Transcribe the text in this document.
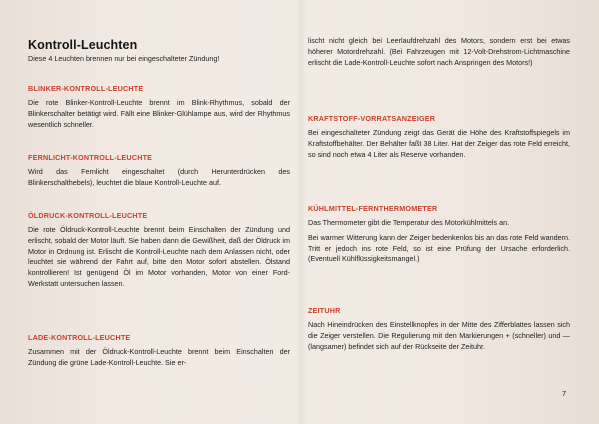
Kontroll-Leuchten

Diese 4 Leuchten brennen nur bei eingeschalteter Zündung!

BLINKER-KONTROLL-LEUCHTE

Die rote Blinker-Kontroll-Leuchte brennt im Blink-Rhythmus, sobald der Blinkerschalter betätigt wird. Fällt eine Blinker-Glühlampe aus, wird der Rhythmus wesentlich schneller.

FERNLICHT-KONTROLL-LEUCHTE

Wird das Fernlicht eingeschaltet (durch Herunterdrücken des Blinkerschalthebels), leuchtet die blaue Kontroll-Leuchte auf.

ÖLDRUCK-KONTROLL-LEUCHTE

Die rote Öldruck-Kontroll-Leuchte brennt beim Einschalten der Zündung und erlischt, sobald der Motor läuft. Sie haben dann die Gewißheit, daß der Öldruck im Motor in Ordnung ist. Erlischt die Kontroll-Leuchte nach dem Anlassen nicht, oder leuchtet sie während der Fahrt auf, bitte den Motor sofort abstellen. Ölstand kontrollieren! Ist genügend Öl im Motor vorhanden, Motor von einer Ford-Werkstatt untersuchen lassen.

LADE-KONTROLL-LEUCHTE

Zusammen mit der Öldruck-Kontroll-Leuchte brennt beim Einschalten der Zündung die grüne Lade-Kontroll-Leuchte. Sie er-

lischt nicht gleich bei Leerlaufdrehzahl des Motors, sondern erst bei etwas höherer Motordrehzahl. (Bei Fahrzeugen mit 12-Volt-Drehstrom-Lichtmaschine erlischt die Lade-Kontroll-Leuchte sofort nach Anspringen des Motors!)

KRAFTSTOFF-VORRATSANZEIGER

Bei eingeschalteter Zündung zeigt das Gerät die Höhe des Kraftstoffspiegels im Kraftstoffbehälter. Der Behälter faßt 38 Liter. Hat der Zeiger das rote Feld erreicht, so sind noch etwa 4 Liter als Reserve vorhanden.

KÜHLMITTEL-FERNTHERMOMETER

Das Thermometer gibt die Temperatur des Motorkühlmittels an.

Bei warmer Witterung kann der Zeiger bedenkenlos bis an das rote Feld wandern. Tritt er jedoch ins rote Feld, so ist eine Prüfung der Ursache erforderlich. (Eventuell Kühlflüssigkeitsmangel.)

ZEITUHR

Nach Hineindrücken des Einstellknopfes in der Mitte des Zifferblattes lassen sich die Zeiger verstellen. Die Regulierung mit den Markierungen + (schneller) und — (langsamer) befindet sich auf der Rückseite der Zeituhr.

7
